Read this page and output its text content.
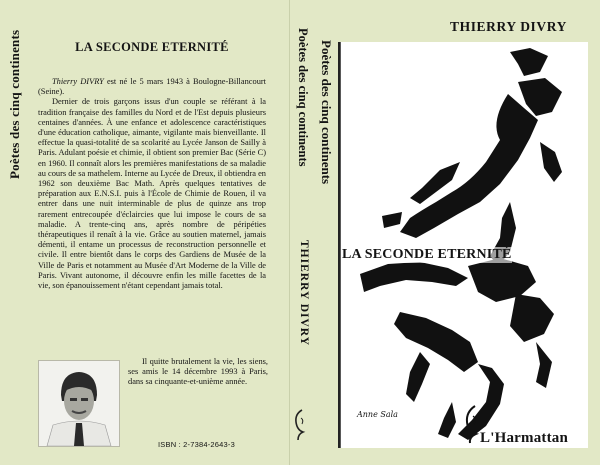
Poètes des cinq continents	LA SECONDE ETERNITÉ

Thierry DIVRY est né le 5 mars 1943 à Boulogne-Billancourt (Seine).

Dernier de trois garçons issus d'un couple se référant à la tradition française des familles du Nord et de l'Est depuis plusieurs centaines d'années. À une enfance et adolescence caractéristiques d'une éducation catholique, aimante, vigilante mais bienveillante. Il effectue la quasi-totalité de sa scolarité au Lycée Janson de Sailly à Paris. Adulant poésie et chimie, il obtient son premier Bac (Série C) en 1960. Il connaît alors les premières manifestations de sa maladie au cours de sa mathelem. Interne au Lycée de Dreux, il obtiendra en 1962 son deuxième Bac Math. Après quelques tentatives de préparation aux E.N.S.I. puis à l'École de Chimie de Rouen, il va entrer dans une nuit interminable de plus de quinze ans trop rarement entrecoupée d'éclaircies que lui impose le cours de sa maladie. A trente-cinq ans, après nombre de péripéties thérapeutiques il renaît à la vie. Grâce au soutien maternel, jamais démenti, il entame un processus de reconstruction personnelle et civile. Il entre bientôt dans le corps des Gardiens de Musée de la Ville de Paris et notamment au Musée d'Art Moderne de la Ville de Paris. Vivant autonome, il découvre enfin les mille facettes de la vie, son épanouissement n'étant cependant jamais total.

Il quitte brutalement la vie, les siens, ses amis le 14 décembre 1993 à Paris, dans sa cinquante-et-unième année.

ISBN : 2-7384-2643-3
Poètes des cinq continents
THIERRY DIVRY
Poètes des cinq continents
THIERRY DIVRY
LA SECONDE ETERNITÉ
Anne Sala
L'Harmattan
